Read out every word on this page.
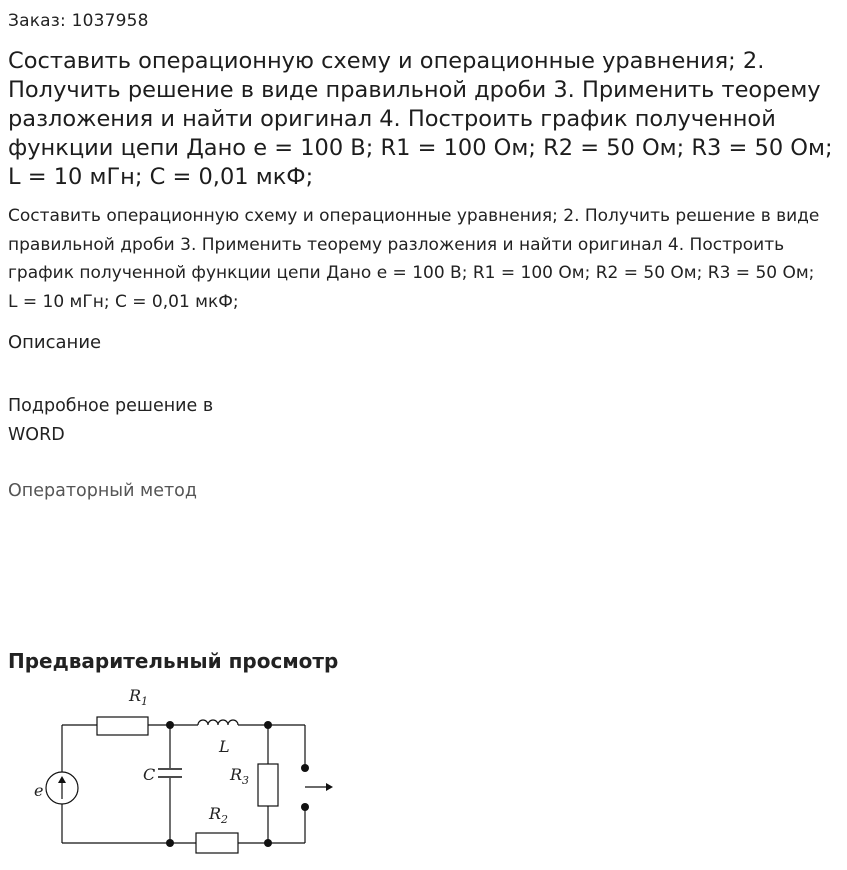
Заказ: 1037958
Составить операционную схему и операционные уравнения; 2. Получить решение в виде правильной дроби 3. Применить теорему разложения и найти оригинал 4. Построить график полученной функции цепи Дано е = 100 В; R1 = 100 Ом; R2 = 50 Ом; R3 = 50 Ом; L = 10 мГн; C = 0,01 мкФ;
Составить операционную схему и операционные уравнения; 2. Получить решение в виде правильной дроби 3. Применить теорему разложения и найти оригинал 4. Построить график полученной функции цепи Дано е = 100 В; R1 = 100 Ом; R2 = 50 Ом; R3 = 50 Ом; L = 10 мГн; C = 0,01 мкФ;
Описание
Подробное решение в WORD
Операторный метод
Предварительный просмотр
$R_1$
L
C	$R_3$
$R_2$
e
